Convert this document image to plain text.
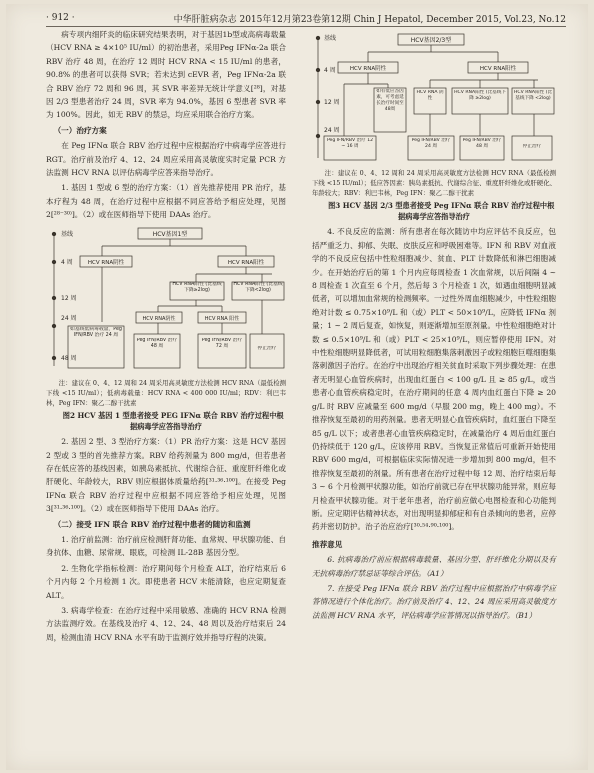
· 912 ·	中华肝脏病杂志 2015年12月第23卷第12期 Chin J Hepatol, December 2015, Vol.23, No.12

病专项内细阡炎的临床研究结果表明，对于基因1b型或高病毒载量（HCV RNA ≥ 4×10⁵ IU/ml）的初治患者，采用Peg IFNα-2a 联合 RBV 治疗 48 周，在治疗 12 周时 HCV RNA < 15 IU/ml 的患者，90.8% 的患者可以获得 SVR；若未达到 cEVR 者，Peg IFNα-2a 联合 RBV 治疗 72 周和 96 周，其 SVR 率差异无统计学意义[²⁸]，对基因 2/3 型患者治疗 24 周，SVR 率为 94.0%，基因 6 型患者 SVR 率为 100%。因此，如无 RBV 的禁忌，均应采用联合治疗方案。

（一）治疗方案

在 Peg IFNα 联合 RBV 治疗过程中应根据治疗中病毒学应答进行 RGT。治疗前及治疗 4、12、24 周应采用高灵敏度实时定量 PCR 方法监测 HCV RNA 以评估病毒学应答来指导治疗。

1. 基因 1 型或 6 型的治疗方案：（1）首先推荐使用 PR 治疗，基本疗程为 48 周，在治疗过程中应根据不同应答给予相应处理，见图 2[²⁸⁻³⁰⁾]。（2）或在医师指导下使用 DAAs 治疗。

基线
4 周
12 周
24 周
48 周
HCV基因1型
HCV RNA阴性	HCV RNA阳性
HCV RNA阳性 (比基线下降≥2log)
HCV RNA阳性 (比基线下降<2log)
HCV RNA阴性	HCV RNA 阳性
如基线低病毒载量，Peg IFN/RBV 治疗 24 周
Peg IFN/RBV 治疗 48 周
Peg IFN/RBV 治疗 72 周	停止治疗

注：建议在 0、4、12 周和 24 周采用高灵敏度方法检测 HCV RNA（最低检测下线 <15 IU/ml）；低病毒载量：HCV RNA < 400 000 IU/ml；RDV：利巴韦林，Peg IFN：聚乙二醇干扰素

图2 HCV 基因 1 型患者接受 PEG IFNα 联合 RBV 治疗过程中根据病毒学应答指导治疗

2. 基因 2 型、3 型治疗方案：（1）PR 治疗方案：这是 HCV 基因 2 型或 3 型的首先推荐方案。RBV 给药剂量为 800 mg/d，但若患者存在低应答的基线因素，如胰岛素抵抗、代谢综合征、重度肝纤维化或肝硬化、年龄较大，RBV 则应根据体质量给药[³¹·³⁶·¹⁰⁰]。在接受 Peg IFNα 联合 RBV 治疗过程中应根据不同应答给予相应处理，见图 3[³¹·³⁶·¹⁰⁰]。（2）或在医师指导下使用 DAAs 治疗。

（二）接受 IFN 联合 RBV 治疗过程中患者的随访和监测

1. 治疗前监测：治疗前应检测肝肾功能、血常规、甲状腺功能、自身抗体、血糖、尿常规、眼底，可检测 IL-28B 基因分型。

2. 生物化学指标检测：治疗期间每个月检查 ALT，治疗结束后 6 个月内每 2 个月检测 1 次。即使患者 HCV 未能清除，也应定期复查 ALT。

3. 病毒学检查：在治疗过程中采用敏感、准确的 HCV RNA 检测方法监测疗效。在基线及治疗 4、12、24、48 周以及治疗结束后 24 周，检测血清 HCV RNA 水平有助于监测疗效并指导疗程的决策。

基线
4 周
12 周
24 周
HCV基因2/3型
HCV RNA阴性	HCV RNA阳性
如有低应答因素，可考虑延长治疗时间至48周
HCV RNA 阴性
HCV RNA阳性 (比基线下降 ≥2log)
HCV RNA阳性 (比基线下降 <2log)
Peg IFN/RBV 治疗 12 ~ 16 周
Peg IFN/RBV 治疗 24 周
Peg IFN/RBV 治疗 48 周	停止治疗

注：建议在 0、4、12 周和 24 周采用高灵敏度方法检测 HCV RNA（最低检测下线 <15 IU/ml）；低应答因素：胰岛素抵抗、代谢综合征、重度肝纤维化或肝硬化、年龄较大；RBV：利巴韦林，Peg IFN：聚乙二醇干扰素

图3 HCV 基因 2/3 型患者接受 Peg IFNα 联合 RBV 治疗过程中根据病毒学应答指导治疗

4. 不良反应的监测：所有患者在每次随访中均应评估不良反应，包括严重乏力、抑郁、失眠、皮肤反应和呼吸困难等。IFN 和 RBV 对血液学的不良反应包括中性粒细胞减少、贫血、PLT 计数降低和淋巴细胞减少。在开始治疗后的第 1 个月内应每周检查 1 次血常规，以后间隔 4 ~ 8 周检查 1 次直至 6 个月，然后每 3 个月检查 1 次，如遇血细胞明显减低者，可以增加血常规的检测频率。一过性外周血细胞减少，中性粒细胞绝对计数 ≤ 0.75×10⁹/L 和（或）PLT < 50×10⁹/L，应降低 IFNα 剂量；1 ~ 2 周后复查，如恢复，则逐渐增加至原剂量。中性粒细胞绝对计数 ≤ 0.5×10⁹/L 和（或）PLT < 25×10⁹/L，则应暂停使用 IFN。对中性粒细胞明显降低者，可试用粒细胞集落刺激因子或粒细胞巨噬细胞集落刺激因子治疗。在治疗中出现治疗相关贫血时采取下列步骤处理：在患者无明显心血管疾病时，出现血红蛋白 < 100 g/L 且 ≥ 85 g/L，或当患者心血管疾病稳定时，在治疗期间的任意 4 周内血红蛋白下降 ≥ 20 g/L 时 RBV 应减量至 600 mg/d（早服 200 mg，晚上 400 mg）。不推荐恢复至最初的用药剂量。患者无明显心血管疾病时，血红蛋白下降至 85 g/L 以下；或者患者心血管疾病稳定时，在减量治疗 4 周后血红蛋白仍持续低于 120 g/L，应该停用 RBV。当恢复正常值后可重新开始使用 RBV 600 mg/d，可根据临床实际情况进一步增加到 800 mg/d，但不推荐恢复至最初的剂量。所有患者在治疗过程中每 12 周、治疗结束后每 3 ~ 6 个月检测甲状腺功能，如治疗前就已存在甲状腺功能异常，则应每月检查甲状腺功能。对于老年患者，治疗前应做心电图检查和心功能判断。应定期评估精神状态，对出现明显抑郁症和有自杀倾向的患者，应停药并密切防护。治子治应治疗[³⁰·⁵⁴·⁹⁰·¹⁰⁰]。

推荐意见

6. 抗病毒治疗前应根据病毒载量、基因分型、肝纤维化分期以及有无抗病毒治疗禁忌证等综合评估。（A1）

7. 在接受 Peg IFNα 联合 RBV 治疗过程中应根据治疗中病毒学应答情况进行个体化治疗。治疗前及治疗 4、12、24 周应采用高灵敏度方法监测 HCV RNA 水平，评估病毒学应答情况以指导治疗。（B1）
